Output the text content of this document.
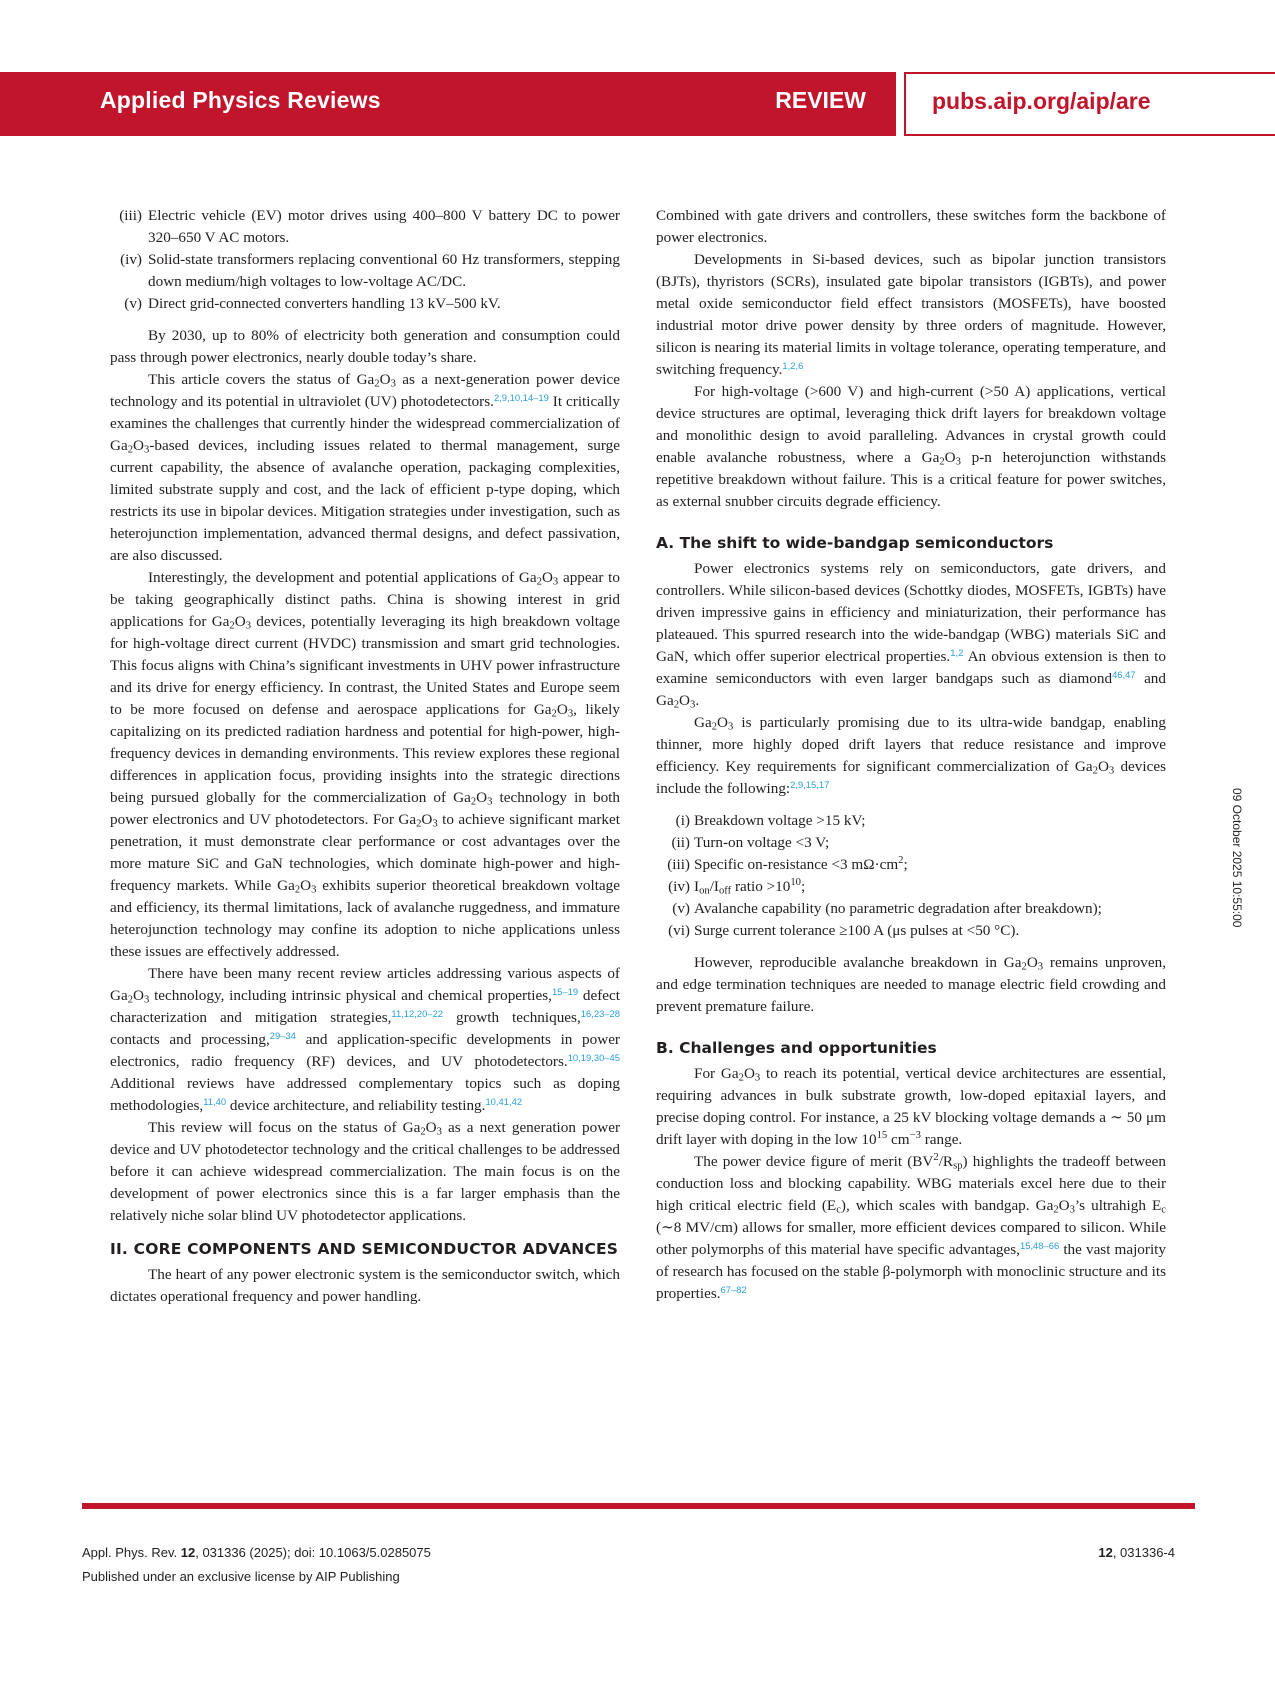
Applied Physics Reviews	REVIEW	pubs.aip.org/aip/are
(iii) Electric vehicle (EV) motor drives using 400–800 V battery DC to power 320–650 V AC motors.
(iv) Solid-state transformers replacing conventional 60 Hz transformers, stepping down medium/high voltages to low-voltage AC/DC.
(v) Direct grid-connected converters handling 13 kV–500 kV.

By 2030, up to 80% of electricity both generation and consumption could pass through power electronics, nearly double today’s share.

This article covers the status of $Ga_2O_3$ as a next-generation power device technology and its potential in ultraviolet (UV) photodetectors.$^{2,9,10,14-19}$ It critically examines the challenges that currently hinder the widespread commercialization of $Ga_2O_3$-based devices, including issues related to thermal management, surge current capability, the absence of avalanche operation, packaging complexities, limited substrate supply and cost, and the lack of efficient p-type doping, which restricts its use in bipolar devices. Mitigation strategies under investigation, such as heterojunction implementation, advanced thermal designs, and defect passivation, are also discussed.

Interestingly, the development and potential applications of $Ga_2O_3$ appear to be taking geographically distinct paths. China is showing interest in grid applications for $Ga_2O_3$ devices, potentially leveraging its high breakdown voltage for high-voltage direct current (HVDC) transmission and smart grid technologies. This focus aligns with China’s significant investments in UHV power infrastructure and its drive for energy efficiency. In contrast, the United States and Europe seem to be more focused on defense and aerospace applications for $Ga_2O_3$, likely capitalizing on its predicted radiation hardness and potential for high-power, high-frequency devices in demanding environments. This review explores these regional differences in application focus, providing insights into the strategic directions being pursued globally for the commercialization of $Ga_2O_3$ technology in both power electronics and UV photodetectors. For $Ga_2O_3$ to achieve significant market penetration, it must demonstrate clear performance or cost advantages over the more mature SiC and GaN technologies, which dominate high-power and high-frequency markets. While $Ga_2O_3$ exhibits superior theoretical breakdown voltage and efficiency, its thermal limitations, lack of avalanche ruggedness, and immature heterojunction technology may confine its adoption to niche applications unless these issues are effectively addressed.

There have been many recent review articles addressing various aspects of $Ga_2O_3$ technology, including intrinsic physical and chemical properties,$^{15-19}$ defect characterization and mitigation strategies,$^{11,12,20-22}$ growth techniques,$^{16,23-28}$ contacts and processing,$^{29-34}$ and application-specific developments in power electronics, radio frequency (RF) devices, and UV photodetectors.$^{10,19,30-45}$ Additional reviews have addressed complementary topics such as doping methodologies,$^{11,40}$ device architecture, and reliability testing.$^{10,41,42}$

This review will focus on the status of $Ga_2O_3$ as a next generation power device and UV photodetector technology and the critical challenges to be addressed before it can achieve widespread commercialization. The main focus is on the development of power electronics since this is a far larger emphasis than the relatively niche solar blind UV photodetector applications.

II. CORE COMPONENTS AND SEMICONDUCTOR ADVANCES

The heart of any power electronic system is the semiconductor switch, which dictates operational frequency and power handling.

Combined with gate drivers and controllers, these switches form the backbone of power electronics.

Developments in Si-based devices, such as bipolar junction transistors (BJTs), thyristors (SCRs), insulated gate bipolar transistors (IGBTs), and power metal oxide semiconductor field effect transistors (MOSFETs), have boosted industrial motor drive power density by three orders of magnitude. However, silicon is nearing its material limits in voltage tolerance, operating temperature, and switching frequency.$^{1,2,6}$

For high-voltage (>600 V) and high-current (>50 A) applications, vertical device structures are optimal, leveraging thick drift layers for breakdown voltage and monolithic design to avoid paralleling. Advances in crystal growth could enable avalanche robustness, where a $Ga_2O_3$ p-n heterojunction withstands repetitive breakdown without failure. This is a critical feature for power switches, as external snubber circuits degrade efficiency.

A. The shift to wide-bandgap semiconductors

Power electronics systems rely on semiconductors, gate drivers, and controllers. While silicon-based devices (Schottky diodes, MOSFETs, IGBTs) have driven impressive gains in efficiency and miniaturization, their performance has plateaued. This spurred research into the wide-bandgap (WBG) materials SiC and GaN, which offer superior electrical properties.$^{1,2}$ An obvious extension is then to examine semiconductors with even larger bandgaps such as diamond$^{46,47}$ and $Ga_2O_3$.

$Ga_2O_3$ is particularly promising due to its ultra-wide bandgap, enabling thinner, more highly doped drift layers that reduce resistance and improve efficiency. Key requirements for significant commercialization of $Ga_2O_3$ devices include the following:$^{2,9,15,17}$

(i) Breakdown voltage >15 kV;
(ii) Turn-on voltage <3 V;
(iii) Specific on-resistance <3 $m\Omega\cdot cm^2$;
(iv) $I_{on}/I_{off}$ ratio $>10^{10}$;
(v) Avalanche capability (no parametric degradation after breakdown);
(vi) Surge current tolerance ≥100 A (μs pulses at <50 °C).

However, reproducible avalanche breakdown in $Ga_2O_3$ remains unproven, and edge termination techniques are needed to manage electric field crowding and prevent premature failure.

B. Challenges and opportunities

For $Ga_2O_3$ to reach its potential, vertical device architectures are essential, requiring advances in bulk substrate growth, low-doped epitaxial layers, and precise doping control. For instance, a 25 kV blocking voltage demands a ∼ 50 μm drift layer with doping in the low $10^{15}$ $cm^{-3}$ range.

The power device figure of merit $(BV^2/R_{sp})$ highlights the tradeoff between conduction loss and blocking capability. WBG materials excel here due to their high critical electric field $(E_c)$, which scales with bandgap. $Ga_2O_3’s$ ultrahigh $E_c$ (∼8 MV/cm) allows for smaller, more efficient devices compared to silicon. While other polymorphs of this material have specific advantages,$^{15,48-66}$ the vast majority of research has focused on the stable β-polymorph with monoclinic structure and its properties.$^{67-82}$

09 October 2025 10:55:00
Appl. Phys. Rev. 12, 031336 (2025); doi: 10.1063/5.0285075
Published under an exclusive license by AIP Publishing
12, 031336-4
